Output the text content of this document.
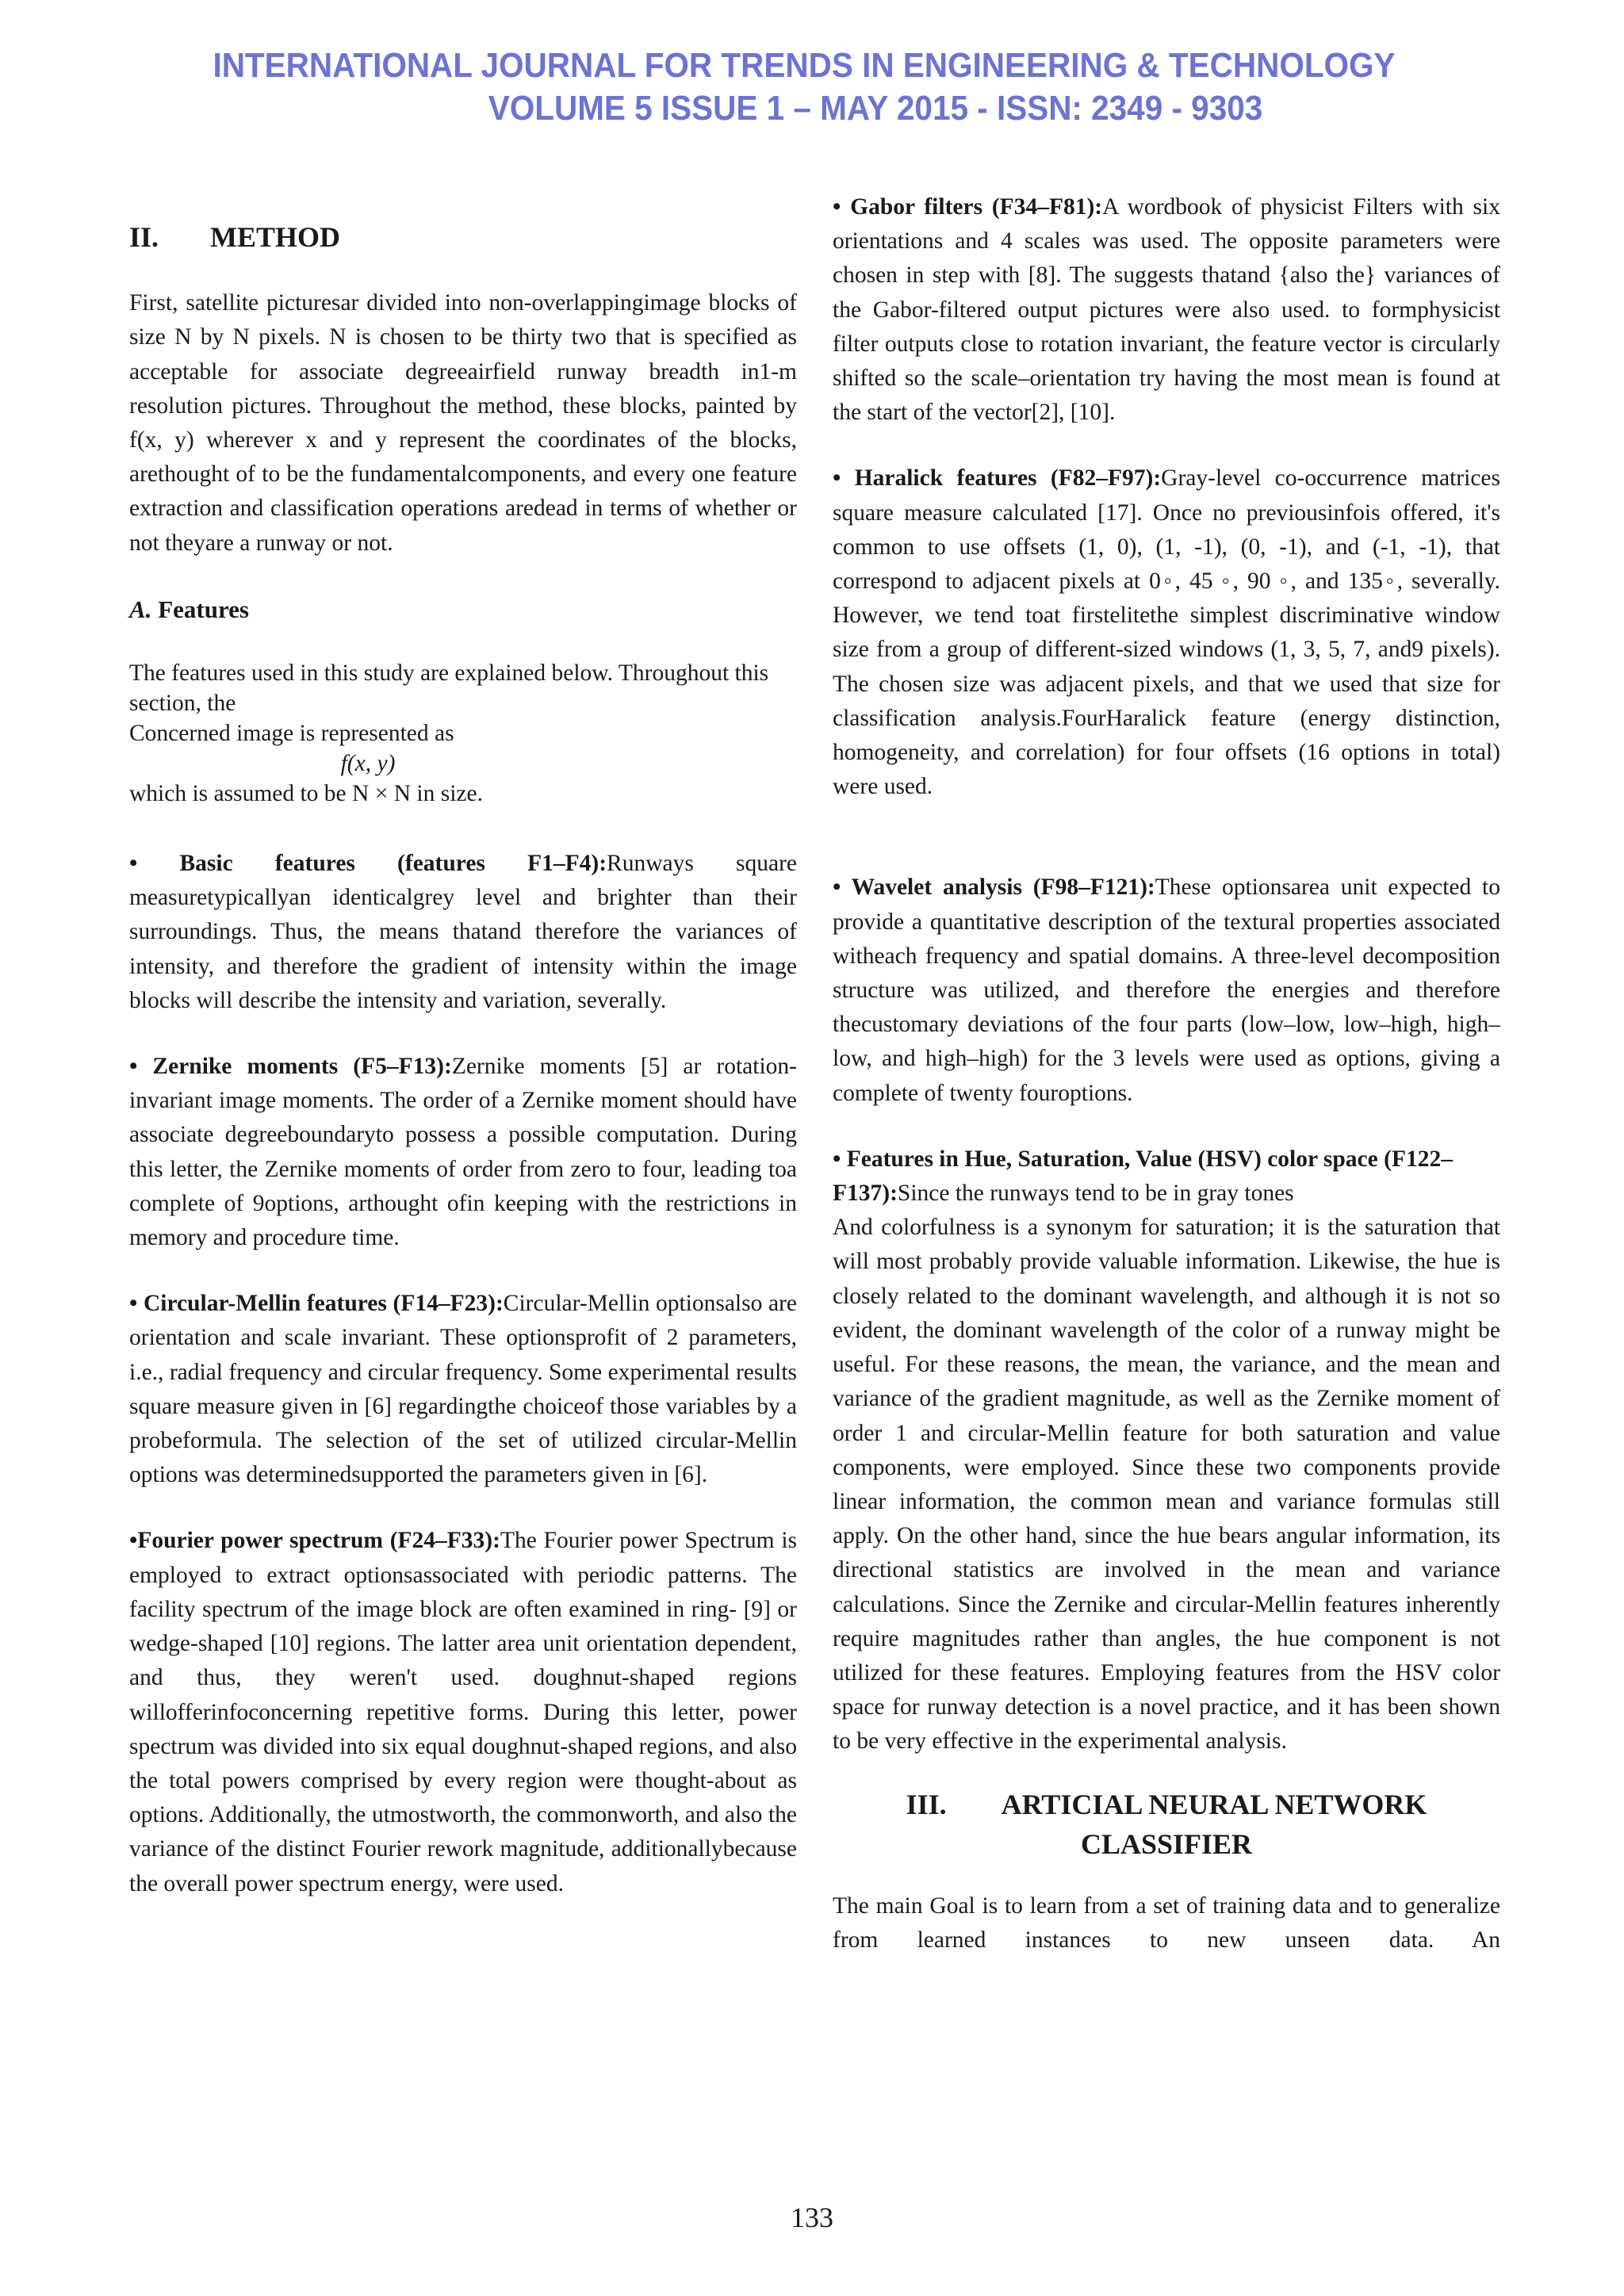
INTERNATIONAL JOURNAL FOR TRENDS IN ENGINEERING & TECHNOLOGY
VOLUME 5 ISSUE 1 – MAY 2015 - ISSN: 2349 - 9303
II. METHOD

First, satellite picturesar divided into non-overlappingimage blocks of size N by N pixels. N is chosen to be thirty two that is specified as acceptable for associate degreeairfield runway breadth in1-m resolution pictures. Throughout the method, these blocks, painted by f(x, y) wherever x and y represent the coordinates of the blocks, arethought of to be the fundamentalcomponents, and every one feature extraction and classification operations aredead in terms of whether or not theyare a runway or not.

A. Features

The features used in this study are explained below. Throughout this section, the

Concerned image is represented as

f(x, y)

which is assumed to be N × N in size.

• Basic features (features F1–F4):Runways square measuretypicallyan identicalgrey level and brighter than their surroundings. Thus, the means thatand therefore the variances of intensity, and therefore the gradient of intensity within the image blocks will describe the intensity and variation, severally.

• Zernike moments (F5–F13):Zernike moments [5] ar rotation-invariant image moments. The order of a Zernike moment should have associate degreeboundaryto possess a possible computation. During this letter, the Zernike moments of order from zero to four, leading toa complete of 9options, arthought ofin keeping with the restrictions in memory and procedure time.

• Circular-Mellin features (F14–F23):Circular-Mellin optionsalso are orientation and scale invariant. These optionsprofit of 2 parameters, i.e., radial frequency and circular frequency. Some experimental results square measure given in [6] regardingthe choiceof those variables by a probeformula. The selection of the set of utilized circular-Mellin options was determinedsupported the parameters given in [6].

•Fourier power spectrum (F24–F33):The Fourier power Spectrum is employed to extract optionsassociated with periodic patterns. The facility spectrum of the image block are often examined in ring- [9] or wedge-shaped [10] regions. The latter area unit orientation dependent, and thus, they weren't used. doughnut-shaped regions willofferinfoconcerning repetitive forms. During this letter, power spectrum was divided into six equal doughnut-shaped regions, and also the total powers comprised by every region were thought-about as options. Additionally, the utmostworth, the commonworth, and also the variance of the distinct Fourier rework magnitude, additionallybecause the overall power spectrum energy, were used.

• Gabor filters (F34–F81):A wordbook of physicist Filters with six orientations and 4 scales was used. The opposite parameters were chosen in step with [8]. The suggests thatand {also the} variances of the Gabor-filtered output pictures were also used. to formphysicist filter outputs close to rotation invariant, the feature vector is circularly shifted so the scale–orientation try having the most mean is found at the start of the vector[2], [10].

• Haralick features (F82–F97):Gray-level co-occurrence matrices square measure calculated [17]. Once no previousinfois offered, it's common to use offsets (1, 0), (1, -1), (0, -1), and (-1, -1), that correspond to adjacent pixels at 0◦, 45 ◦, 90 ◦, and 135◦, severally. However, we tend toat firstelitethe simplest discriminative window size from a group of different-sized windows (1, 3, 5, 7, and9 pixels). The chosen size was adjacent pixels, and that we used that size for classification analysis.FourHaralick feature (energy distinction, homogeneity, and correlation) for four offsets (16 options in total) were used.

• Wavelet analysis (F98–F121):These optionsarea unit expected to provide a quantitative description of the textural properties associated witheach frequency and spatial domains. A three-level decomposition structure was utilized, and therefore the energies and therefore thecustomary deviations of the four parts (low–low, low–high, high–low, and high–high) for the 3 levels were used as options, giving a complete of twenty fouroptions.

• Features in Hue, Saturation, Value (HSV) color space (F122–F137):Since the runways tend to be in gray tones

And colorfulness is a synonym for saturation; it is the saturation that will most probably provide valuable information. Likewise, the hue is closely related to the dominant wavelength, and although it is not so evident, the dominant wavelength of the color of a runway might be useful. For these reasons, the mean, the variance, and the mean and variance of the gradient magnitude, as well as the Zernike moment of order 1 and circular-Mellin feature for both saturation and value components, were employed. Since these two components provide linear information, the common mean and variance formulas still apply. On the other hand, since the hue bears angular information, its directional statistics are involved in the mean and variance calculations. Since the Zernike and circular-Mellin features inherently require magnitudes rather than angles, the hue component is not utilized for these features. Employing features from the HSV color space for runway detection is a novel practice, and it has been shown to be very effective in the experimental analysis.

III. ARTICIAL NEURAL NETWORK
CLASSIFIER

The main Goal is to learn from a set of training data and to generalize from learned instances to new unseen data. An

133
